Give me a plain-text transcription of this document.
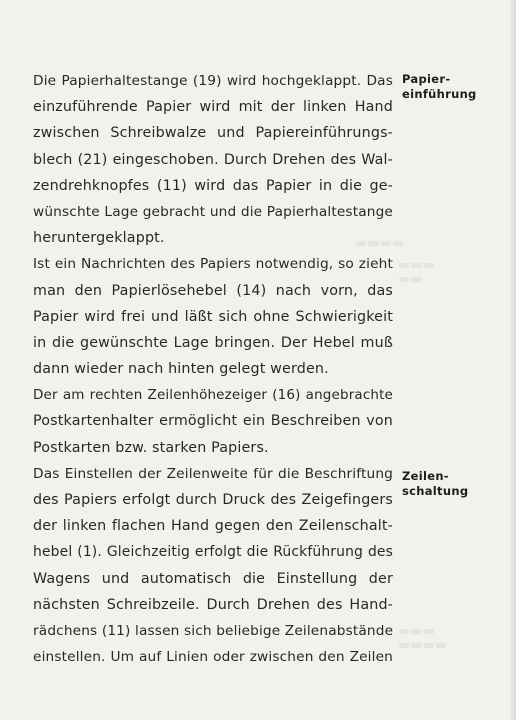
▬▬▬▬
▬▬▬
▬▬
▬▬▬
▬▬▬▬
Papier-
einführung
Zeilen-
schaltung
Die Papierhaltestange (19) wird hochgeklappt. Das
einzuführende Papier wird mit der linken Hand
zwischen Schreibwalze und Papiereinführungs-
blech (21) eingeschoben. Durch Drehen des Wal-
zendrehknopfes (11) wird das Papier in die ge-
wünschte Lage gebracht und die Papierhaltestange
heruntergeklappt.
Ist ein Nachrichten des Papiers notwendig, so zieht
man den Papierlösehebel (14) nach vorn, das
Papier wird frei und läßt sich ohne Schwierigkeit
in die gewünschte Lage bringen. Der Hebel muß
dann wieder nach hinten gelegt werden.
Der am rechten Zeilenhöhezeiger (16) angebrachte
Postkartenhalter ermöglicht ein Beschreiben von
Postkarten bzw. starken Papiers.
Das Einstellen der Zeilenweite für die Beschriftung
des Papiers erfolgt durch Druck des Zeigefingers
der linken flachen Hand gegen den Zeilenschalt-
hebel (1). Gleichzeitig erfolgt die Rückführung des
Wagens und automatisch die Einstellung der
nächsten Schreibzeile. Durch Drehen des Hand-
rädchens (11) lassen sich beliebige Zeilenabstände
einstellen. Um auf Linien oder zwischen den Zeilen
